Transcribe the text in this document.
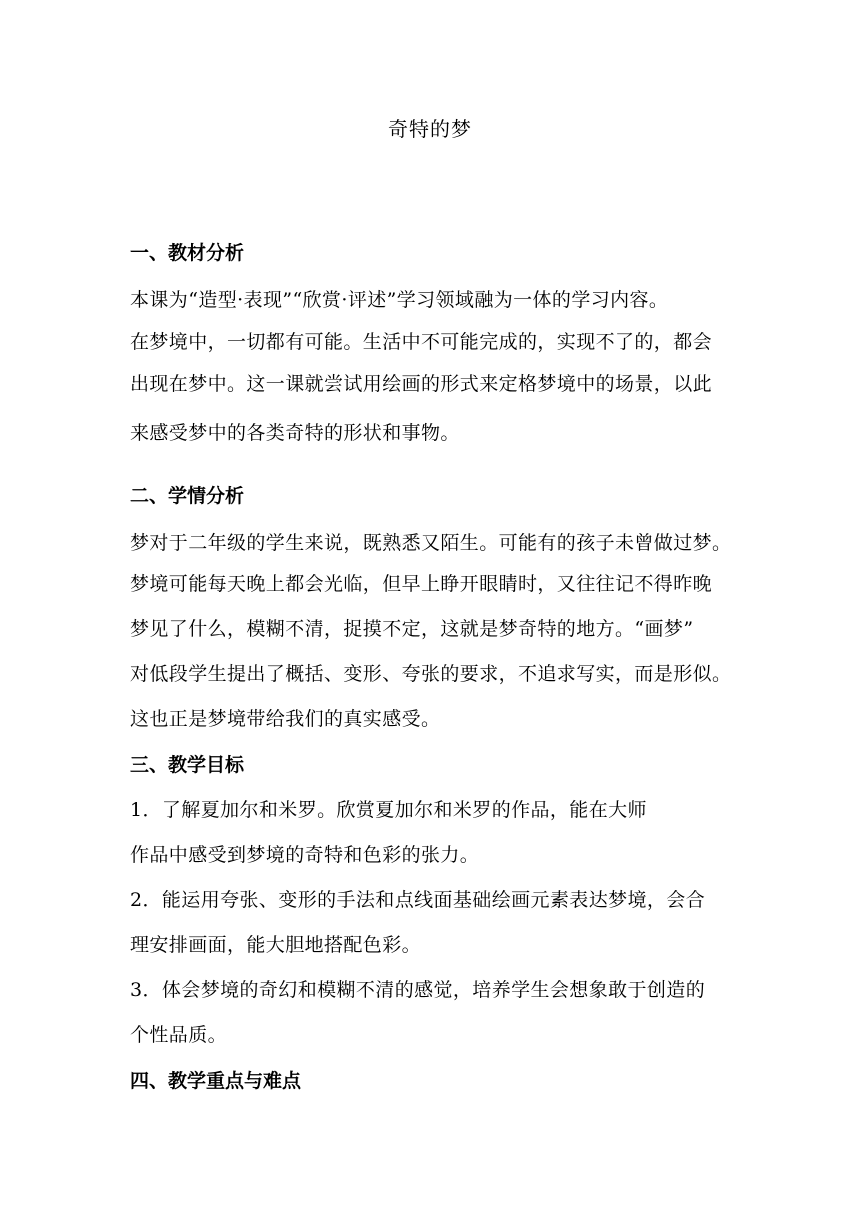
奇特的梦
一、教材分析
本课为“造型·表现”“欣赏·评述”学习领域融为一体的学习内容。
在梦境中，一切都有可能。生活中不可能完成的，实现不了的，都会
出现在梦中。这一课就尝试用绘画的形式来定格梦境中的场景，以此
来感受梦中的各类奇特的形状和事物。
二、学情分析
梦对于二年级的学生来说，既熟悉又陌生。可能有的孩子未曾做过梦。
梦境可能每天晚上都会光临，但早上睁开眼睛时，又往往记不得昨晚
梦见了什么，模糊不清，捉摸不定，这就是梦奇特的地方。“画梦”
对低段学生提出了概括、变形、夸张的要求，不追求写实，而是形似。
这也正是梦境带给我们的真实感受。
三、教学目标
1．了解夏加尔和米罗。欣赏夏加尔和米罗的作品，能在大师
作品中感受到梦境的奇特和色彩的张力。
2．能运用夸张、变形的手法和点线面基础绘画元素表达梦境，会合
理安排画面，能大胆地搭配色彩。
3．体会梦境的奇幻和模糊不清的感觉，培养学生会想象敢于创造的
个性品质。
四、教学重点与难点
